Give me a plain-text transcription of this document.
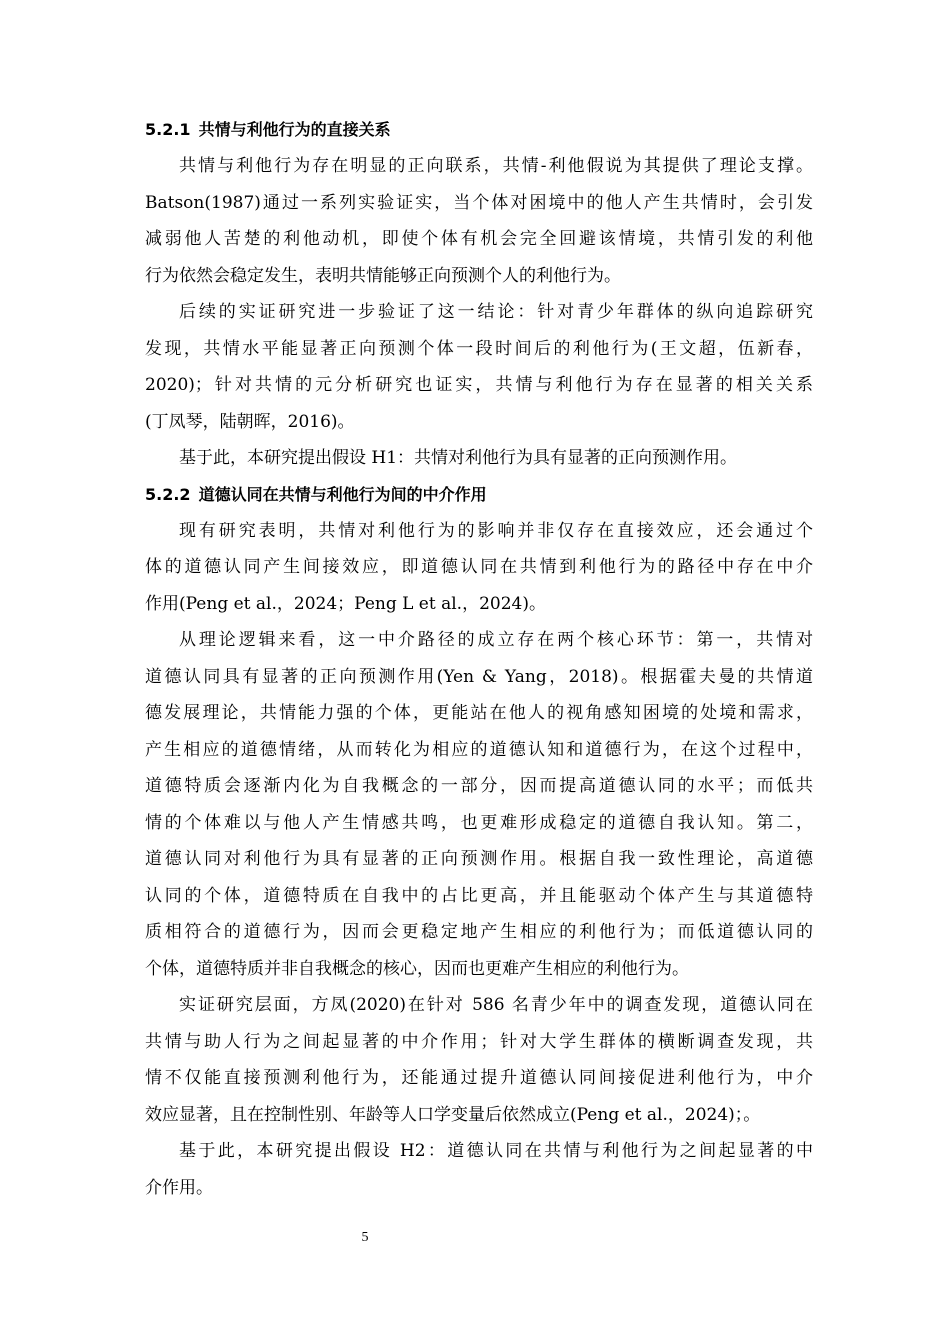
5.2.1 共情与利他行为的直接关系

共情与利他行为存在明显的正向联系，共情-利他假说为其提供了理论支撑。
Batson(1987)通过一系列实验证实，当个体对困境中的他人产生共情时，会引发
减弱他人苦楚的利他动机，即使个体有机会完全回避该情境，共情引发的利他
行为依然会稳定发生，表明共情能够正向预测个人的利他行为。

后续的实证研究进一步验证了这一结论：针对青少年群体的纵向追踪研究
发现，共情水平能显著正向预测个体一段时间后的利他行为(王文超，伍新春，
2020)；针对共情的元分析研究也证实，共情与利他行为存在显著的相关关系
(丁凤琴，陆朝晖，2016)。

基于此，本研究提出假设 H1：共情对利他行为具有显著的正向预测作用。

5.2.2 道德认同在共情与利他行为间的中介作用

现有研究表明，共情对利他行为的影响并非仅存在直接效应，还会通过个
体的道德认同产生间接效应，即道德认同在共情到利他行为的路径中存在中介
作用(Peng et al.，2024；Peng L et al.，2024)。

从理论逻辑来看，这一中介路径的成立存在两个核心环节：第一，共情对
道德认同具有显著的正向预测作用(Yen & Yang，2018)。根据霍夫曼的共情道
德发展理论，共情能力强的个体，更能站在他人的视角感知困境的处境和需求，
产生相应的道德情绪，从而转化为相应的道德认知和道德行为，在这个过程中，
道德特质会逐渐内化为自我概念的一部分，因而提高道德认同的水平；而低共
情的个体难以与他人产生情感共鸣，也更难形成稳定的道德自我认知。第二，
道德认同对利他行为具有显著的正向预测作用。根据自我一致性理论，高道德
认同的个体，道德特质在自我中的占比更高，并且能驱动个体产生与其道德特
质相符合的道德行为，因而会更稳定地产生相应的利他行为；而低道德认同的
个体，道德特质并非自我概念的核心，因而也更难产生相应的利他行为。

实证研究层面，方凤(2020)在针对 586 名青少年中的调查发现，道德认同在
共情与助人行为之间起显著的中介作用；针对大学生群体的横断调查发现，共
情不仅能直接预测利他行为，还能通过提升道德认同间接促进利他行为，中介
效应显著，且在控制性别、年龄等人口学变量后依然成立(Peng et al.，2024)；。

基于此，本研究提出假设 H2：道德认同在共情与利他行为之间起显著的中
介作用。

5
